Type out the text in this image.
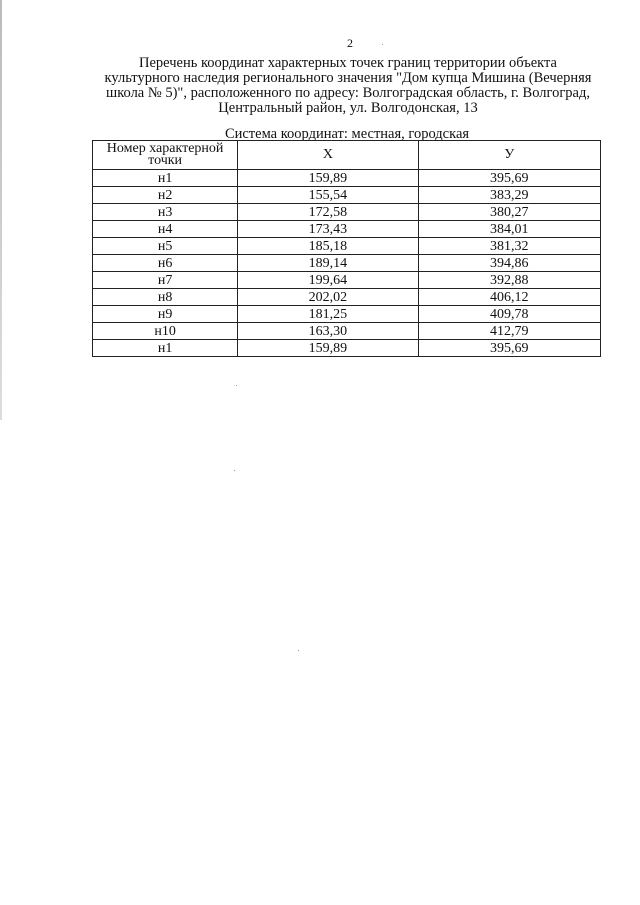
2
Перечень координат характерных точек границ территории объекта
культурного наследия регионального значения "Дом купца Мишина (Вечерняя
школа № 5)", расположенного по адресу: Волгоградская область, г. Волгоград,
Центральный район, ул. Волгодонская, 13
Система координат: местная, городская
Номер характерной точки	Х	У
н1	159,89	395,69
н2	155,54	383,29
н3	172,58	380,27
н4	173,43	384,01
н5	185,18	381,32
н6	189,14	394,86
н7	199,64	392,88
н8	202,02	406,12
н9	181,25	409,78
н10	163,30	412,79
н1	159,89	395,69
